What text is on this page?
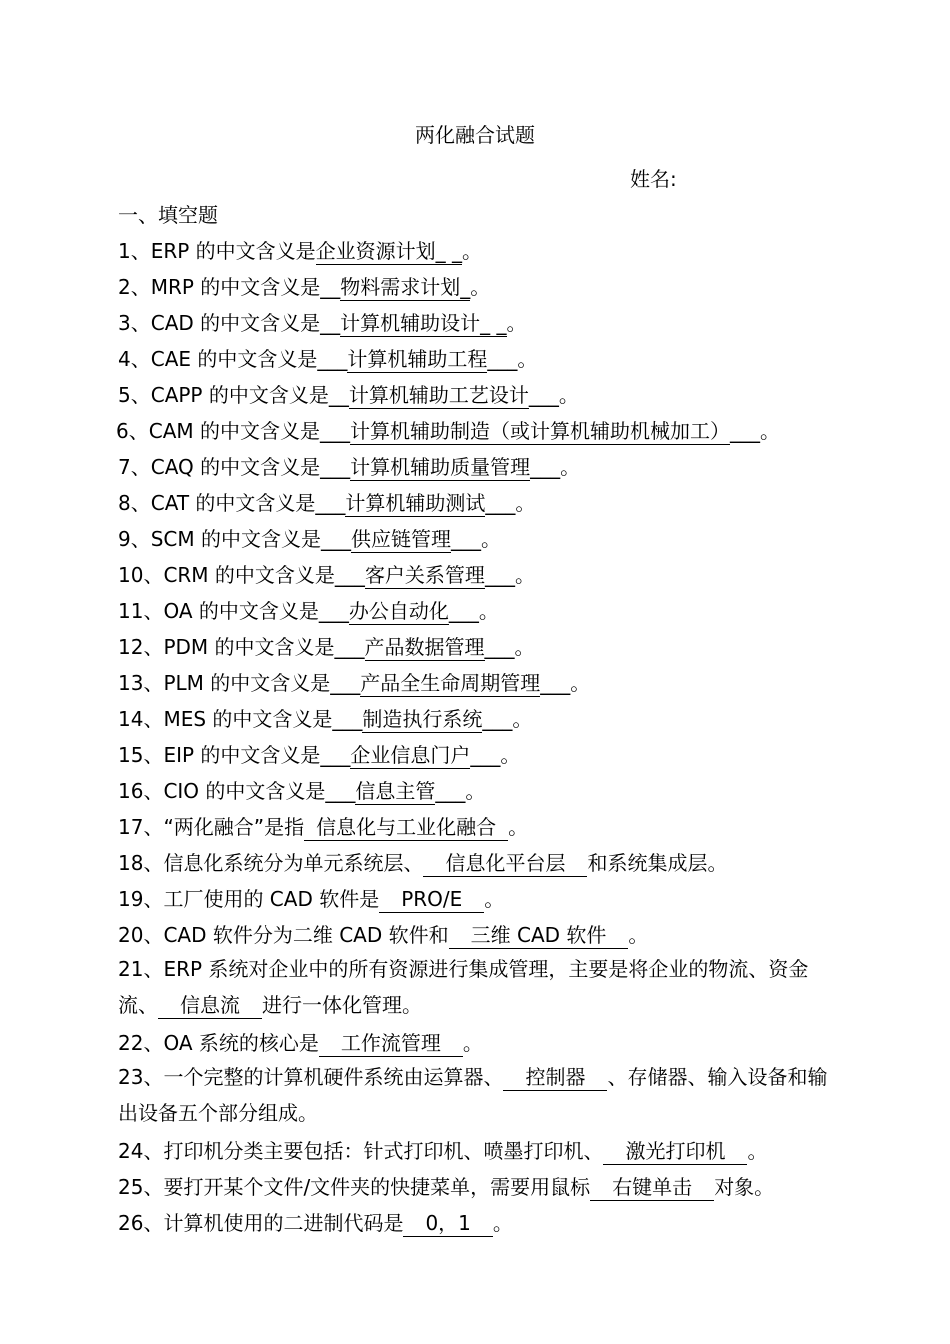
两化融合试题
姓名:
一、填空题
1、ERP 的中文含义是企业资源计划_ _。
2、MRP 的中文含义是__物料需求计划_。
3、CAD 的中文含义是__计算机辅助设计_ _。
4、CAE 的中文含义是___计算机辅助工程___。
5、CAPP 的中文含义是__计算机辅助工艺设计___。
6、CAM 的中文含义是___计算机辅助制造（或计算机辅助机械加工）___。
7、CAQ 的中文含义是___计算机辅助质量管理___。
8、CAT 的中文含义是___计算机辅助测试___。
9、SCM 的中文含义是___供应链管理___。
10、CRM 的中文含义是___客户关系管理___。
11、OA 的中文含义是___办公自动化___。
12、PDM 的中文含义是___产品数据管理___。
13、PLM 的中文含义是___产品全生命周期管理___。
14、MES 的中文含义是___制造执行系统___。
15、EIP 的中文含义是___企业信息门户___。
16、CIO 的中文含义是___信息主管___。
17、“两化融合”是指 信息化与工业化融合 。
18、信息化系统分为单元系统层、 信息化平台层 和系统集成层。
19、工厂使用的 CAD 软件是 PRO/E 。
20、CAD 软件分为二维 CAD 软件和 三维 CAD 软件 。
21、ERP 系统对企业中的所有资源进行集成管理，主要是将企业的物流、资金流、 信息流 进行一体化管理。
22、OA 系统的核心是 工作流管理 。
23、一个完整的计算机硬件系统由运算器、 控制器 、存储器、输入设备和输出设备五个部分组成。
24、打印机分类主要包括：针式打印机、喷墨打印机、 激光打印机 。
25、要打开某个文件/文件夹的快捷菜单，需要用鼠标 右键单击 对象。
26、计算机使用的二进制代码是 0，1 。
